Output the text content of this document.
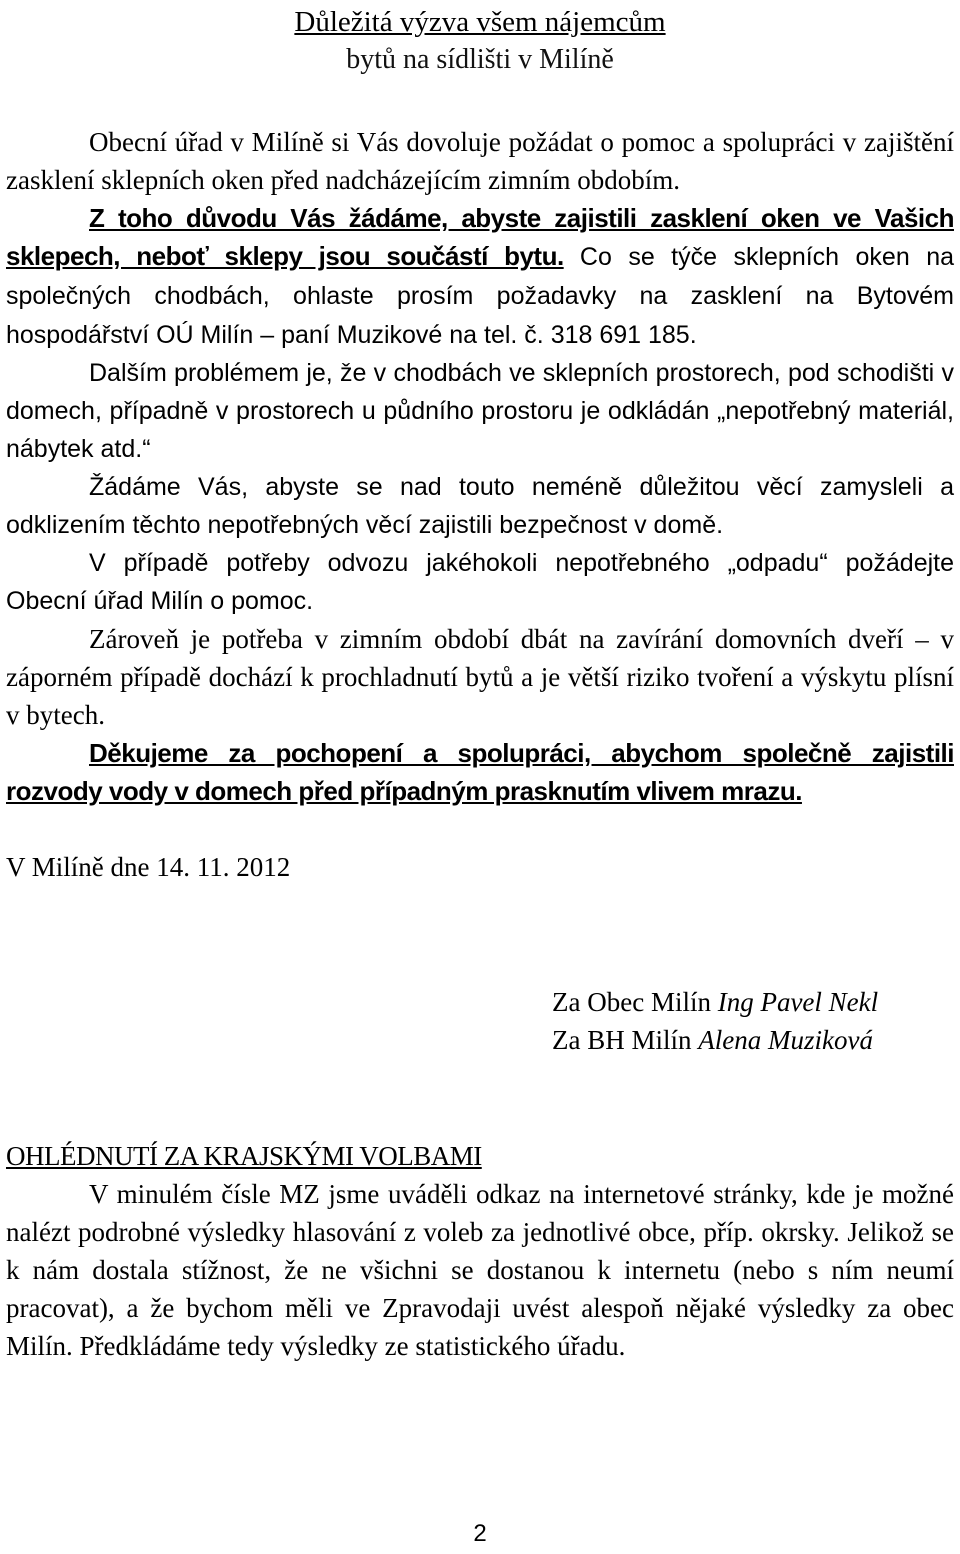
Důležitá výzva všem nájemcům
bytů na sídlišti v Milíně

Obecní úřad v Milíně si Vás dovoluje požádat o pomoc a spolupráci v zajištění zasklení sklepních oken před nadcházejícím zimním obdobím.

Z toho důvodu Vás žádáme, abyste zajistili zasklení oken ve Vašich sklepech, neboť sklepy jsou součástí bytu. Co se týče sklepních oken na společných chodbách, ohlaste prosím požadavky na zasklení na Bytovém hospodářství OÚ Milín – paní Muzikové na tel. č. 318 691 185.

Dalším problémem je, že v chodbách ve sklepních prostorech, pod schodišti v domech, případně v prostorech u půdního prostoru je odkládán „nepotřebný materiál, nábytek atd.“

Žádáme Vás, abyste se nad touto neméně důležitou věcí zamysleli a odklizením těchto nepotřebných věcí zajistili bezpečnost v domě.

V případě potřeby odvozu jakéhokoli nepotřebného „odpadu“ požádejte Obecní úřad Milín o pomoc.

Zároveň je potřeba v zimním období dbát na zavírání domovních dveří – v záporném případě dochází k prochladnutí bytů a je větší riziko tvoření a výskytu plísní v bytech.

Děkujeme za pochopení a spolupráci, abychom společně zajistili rozvody vody v domech před případným prasknutím vlivem mrazu.

V Milíně dne 14. 11. 2012

Za Obec Milín Ing Pavel Nekl
Za BH Milín Alena Muziková
OHLÉDNUTÍ ZA KRAJSKÝMI VOLBAMI

V minulém čísle MZ jsme uváděli odkaz na internetové stránky, kde je možné nalézt podrobné výsledky hlasování z voleb za jednotlivé obce, příp. okrsky. Jelikož se k nám dostala stížnost, že ne všichni se dostanou k internetu (nebo s ním neumí pracovat), a že bychom měli ve Zpravodaji uvést alespoň nějaké výsledky za obec Milín. Předkládáme tedy výsledky ze statistického úřadu.

2
